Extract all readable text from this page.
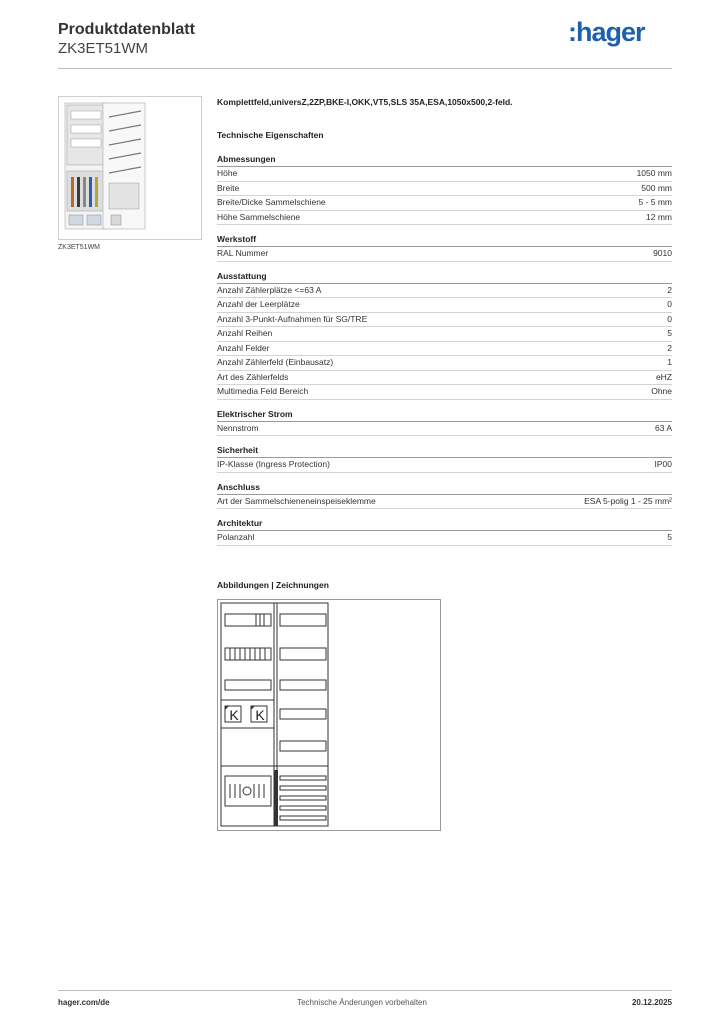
Produktdatenblatt
ZK3ET51WM
:hager
ZK3ET51WM
Komplettfeld,universZ,2ZP,BKE-I,OKK,VT5,SLS 35A,ESA,1050x500,2-feld.
Technische Eigenschaften
Abmessungen
Höhe	1050 mm
Breite	500 mm
Breite/Dicke Sammelschiene	5 - 5 mm
Höhe Sammelschiene	12 mm
Werkstoff
RAL Nummer	9010
Ausstattung
Anzahl Zählerplätze <=63 A	2
Anzahl der Leerplätze	0
Anzahl 3-Punkt-Aufnahmen für SG/TRE	0
Anzahl Reihen	5
Anzahl Felder	2
Anzahl Zählerfeld (Einbausatz)	1
Art des Zählerfelds	eHZ
Multimedia Feld Bereich	Ohne
Elektrischer Strom
Nennstrom	63 A
Sicherheit
IP-Klasse (Ingress Protection)	IP00
Anschluss
Art der Sammelschieneneinspeiseklemme	ESA 5-polig 1 - 25 mm²
Architektur
Polanzahl	5
Abbildungen | Zeichnungen
K K
hager.com/de	Technische Änderungen vorbehalten	20.12.2025
